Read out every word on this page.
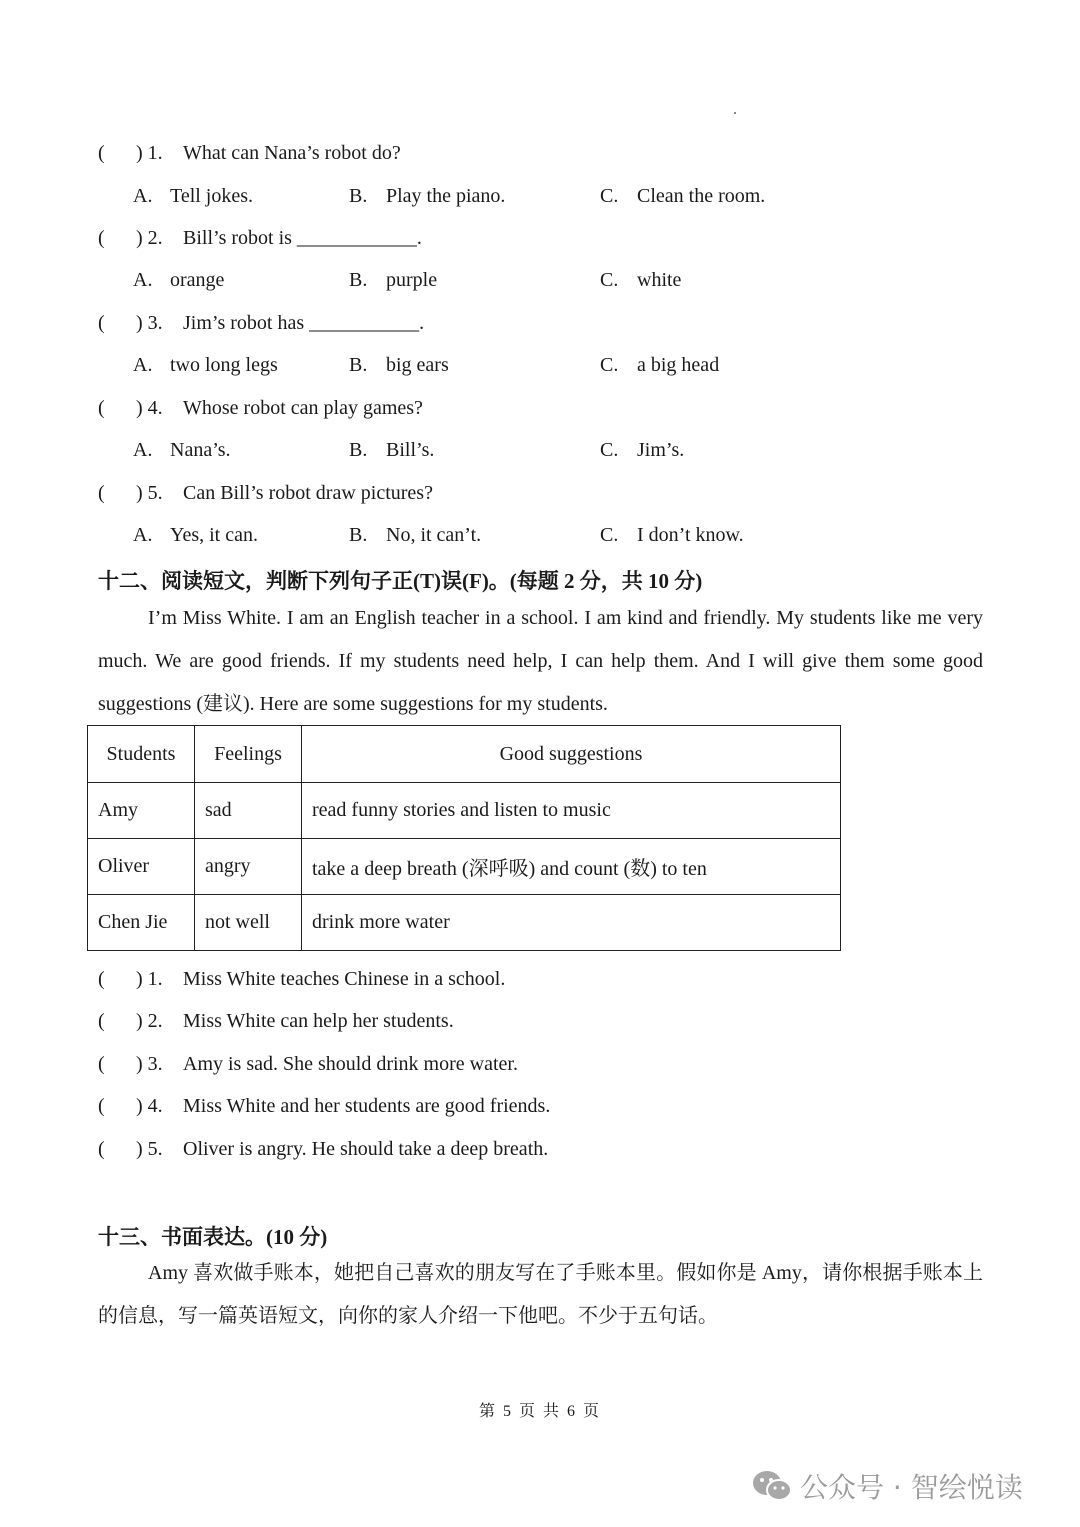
( ) 1. What can Nana’s robot do?
A. Tell jokes.	B. Play the piano.	C. Clean the room.
( ) 2. Bill’s robot is ____________.
A. orange	B. purple	C. white
( ) 3. Jim’s robot has ___________.
A. two long legs	B. big ears	C. a big head
( ) 4. Whose robot can play games?
A. Nana’s.	B. Bill’s.	C. Jim’s.
( ) 5. Can Bill’s robot draw pictures?
A. Yes, it can.	B. No, it can’t.	C. I don’t know.
十二、阅读短文，判断下列句子正(T)误(F)。(每题 2 分，共 10 分)
I’m Miss White. I am an English teacher in a school. I am kind and friendly. My students like me very much. We are good friends. If my students need help, I can help them. And I will give them some good suggestions (建议). Here are some suggestions for my students.
Students	Feelings	Good suggestions
Amy	sad	read funny stories and listen to music
Oliver	angry	take a deep breath (深呼吸) and count (数) to ten
Chen Jie	not well	drink more water
( ) 1. Miss White teaches Chinese in a school.
( ) 2. Miss White can help her students.
( ) 3. Amy is sad. She should drink more water.
( ) 4. Miss White and her students are good friends.
( ) 5. Oliver is angry. He should take a deep breath.
十三、书面表达。(10 分)
Amy 喜欢做手账本，她把自己喜欢的朋友写在了手账本里。假如你是 Amy，请你根据手账本上的信息，写一篇英语短文，向你的家人介绍一下他吧。不少于五句话。
第 5 页 共 6 页
公众号 · 智绘悦读
